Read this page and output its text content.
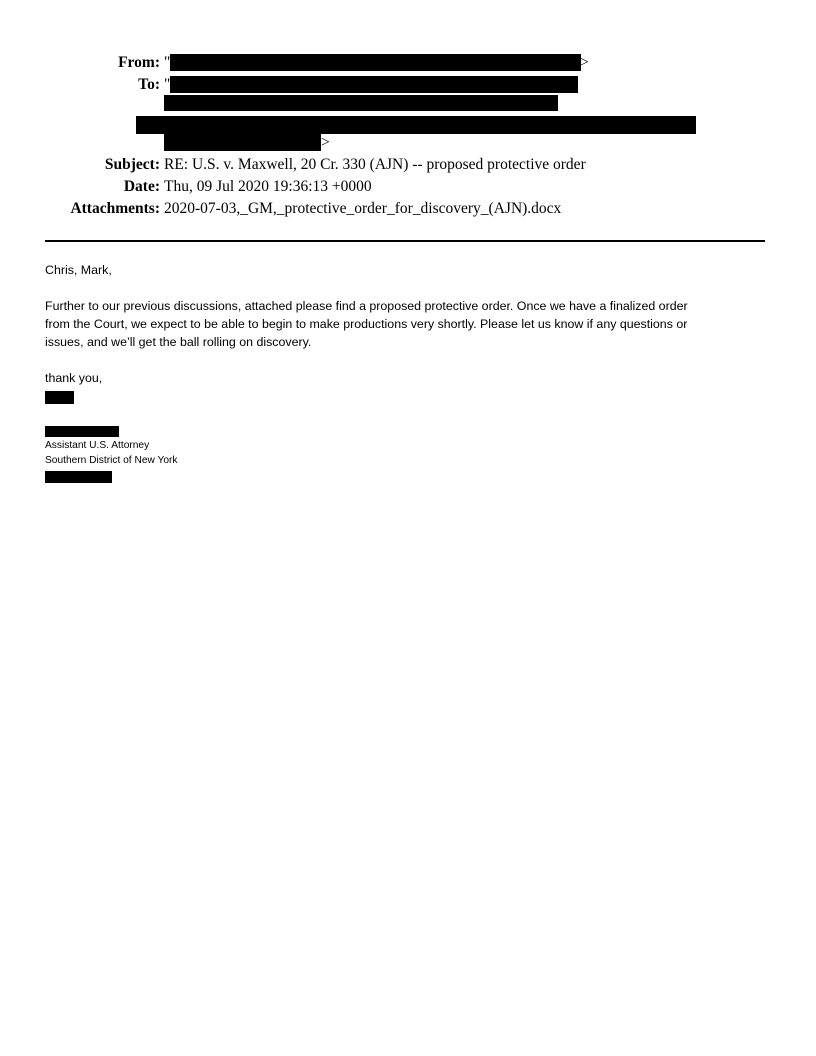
From: "	>
To: "
>
Subject: RE: U.S. v. Maxwell, 20 Cr. 330 (AJN) -- proposed protective order
Date: Thu, 09 Jul 2020 19:36:13 +0000
Attachments: 2020-07-03,_GM,_protective_order_for_discovery_(AJN).docx
Chris, Mark,
Further to our previous discussions, attached please find a proposed protective order. Once we have a finalized order
from the Court, we expect to be able to begin to make productions very shortly. Please let us know if any questions or
issues, and we’ll get the ball rolling on discovery.
thank you,
Assistant U.S. Attorney
Southern District of New York
